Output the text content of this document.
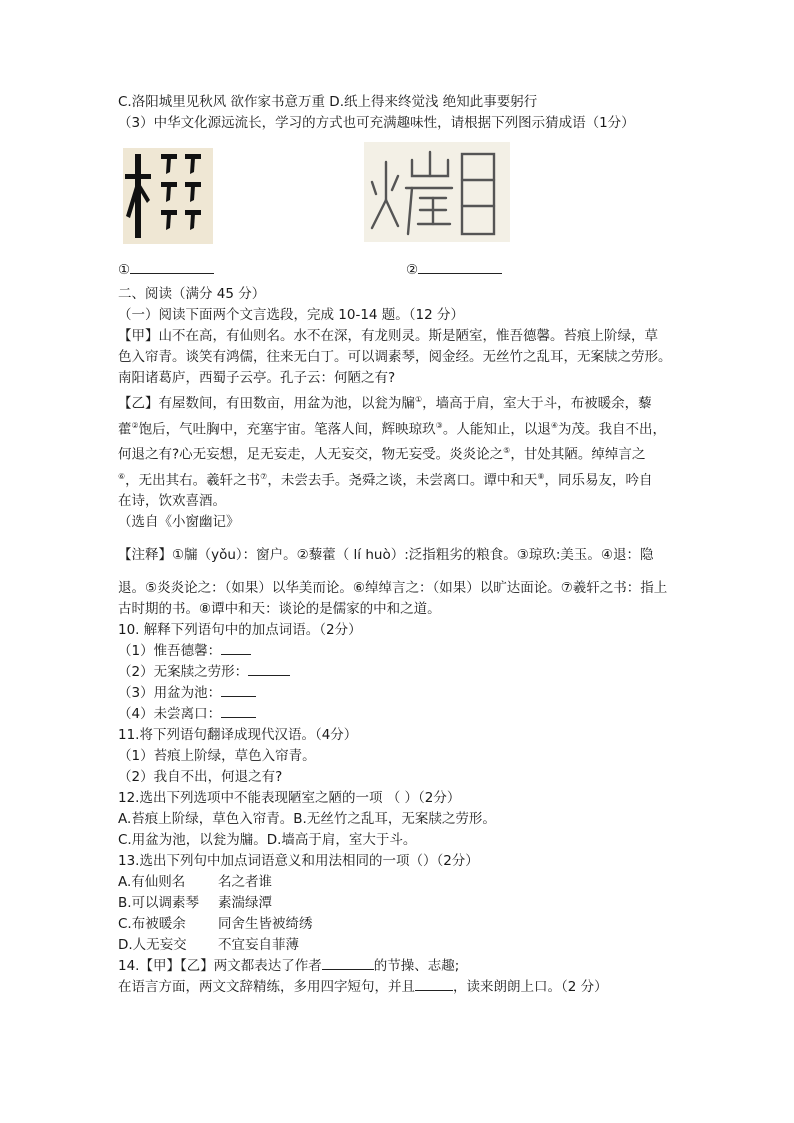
C.洛阳城里见秋风 欲作家书意万重 D.纸上得来终觉浅 绝知此事要躬行
（3）中华文化源远流长，学习的方式也可充满趣味性，请根据下列图示猜成语（1分）
①	②
二、阅读（满分 45 分）
（一）阅读下面两个文言选段，完成 10-14 题。（12 分）
【甲】山不在高，有仙则名。水不在深，有龙则灵。斯是陋室，惟吾德馨。苔痕上阶绿，草
色入帘青。谈笑有鸿儒，往来无白丁。可以调素琴，阅金经。无丝竹之乱耳，无案牍之劳形。
南阳诸葛庐，西蜀子云亭。孔子云：何陋之有?
【乙】有屋数间，有田数亩，用盆为池，以瓮为牖①，墙高于肩，室大于斗，布被暖余，藜
藿②饱后，气吐胸中，充塞宇宙。笔落人间，辉映琼玖③。人能知止，以退④为茂。我自不出，
何退之有?心无妄想，足无妄走，人无妄交，物无妄受。炎炎论之⑤，甘处其陋。绰绰言之
⑥，无出其右。羲轩之书⑦，未尝去手。尧舜之谈，未尝离口。谭中和天⑧，同乐易友，吟自
在诗，饮欢喜酒。
（选自《小窗幽记》
【注释】①牖（yǒu）：窗户。②藜藿（ lí huò）:泛指粗劣的粮食。③琼玖:美玉。④退：隐
退。⑤炎炎论之：（如果）以华美而论。⑥绰绰言之：（如果）以旷达面论。⑦羲轩之书：指上
古时期的书。⑧谭中和天：谈论的是儒家的中和之道。
10. 解释下列语句中的加点词语。（2分）
（1）惟吾德馨：
（2）无案牍之劳形：
（3）用盆为池：
（4）未尝离口：
11.将下列语句翻译成现代汉语。（4分）
（1）苔痕上阶绿，草色入帘青。
（2）我自不出，何退之有?
12.选出下列选项中不能表现陋室之陋的一项 （ ）（2分）
A.苔痕上阶绿，草色入帘青。B.无丝竹之乱耳，无案牍之劳形。
C.用盆为池，以瓮为牖。D.墙高于肩，室大于斗。
13.选出下列句中加点词语意义和用法相同的一项（）（2分）
A.有仙则名 名之者谁
B.可以调素琴 素湍绿潭
C.布被暖余 同舍生皆被绮绣
D.人无妄交 不宜妄自菲薄
14.【甲】【乙】两文都表达了作者	的节操、志趣;
在语言方面，两文文辞精练，多用四字短句，并且	，读来朗朗上口。（2 分）
